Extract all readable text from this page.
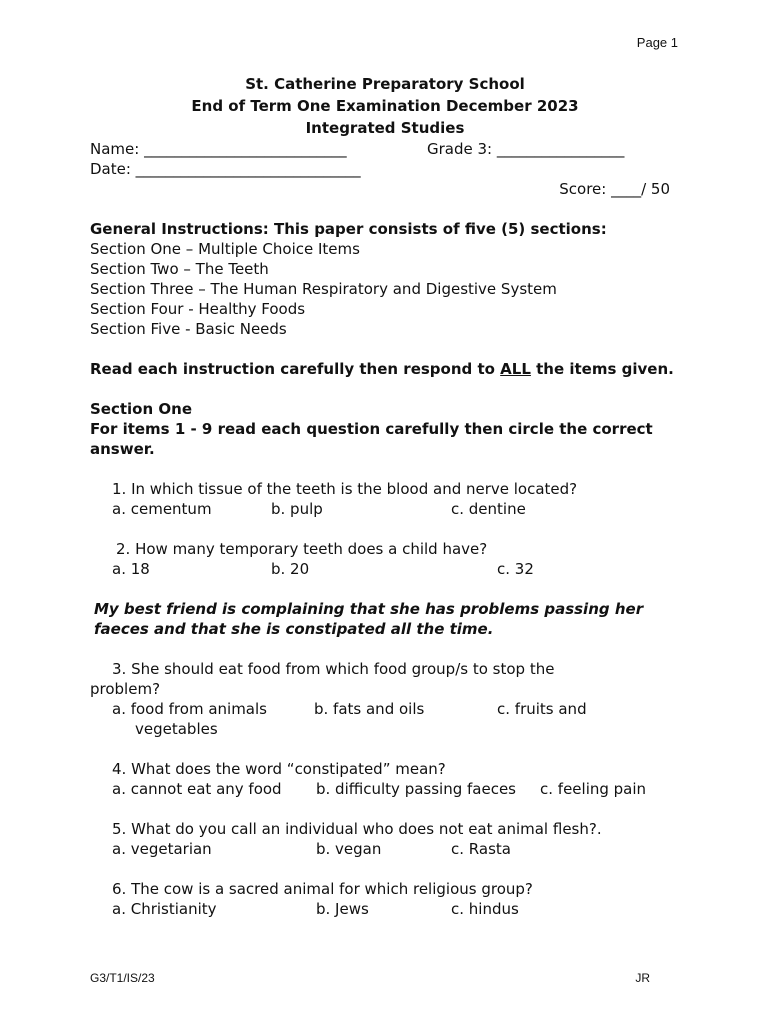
Page 1
St. Catherine Preparatory School
End of Term One Examination December 2023
Integrated Studies
Name: ___________________________	Grade 3: _________________
Date: ______________________________
Score: ____/ 50
General Instructions: This paper consists of five (5) sections:
Section One – Multiple Choice Items
Section Two – The Teeth
Section Three – The Human Respiratory and Digestive System
Section Four - Healthy Foods
Section Five - Basic Needs
Read each instruction carefully then respond to ALL the items given.
Section One
For items 1 - 9 read each question carefully then circle the correct answer.
1. In which tissue of the teeth is the blood and nerve located?
a. cementum	b. pulp	c. dentine
2. How many temporary teeth does a child have?
a. 18	b. 20	c. 32
My best friend is complaining that she has problems passing her faeces and that she is constipated all the time.
3. She should eat food from which food group/s to stop the
problem?
a. food from animals	b. fats and oils	c. fruits and
vegetables
4. What does the word “constipated” mean?
a. cannot eat any food b. difficulty passing faeces c. feeling pain
5. What do you call an individual who does not eat animal flesh?.
a. vegetarian	b. vegan	c. Rasta
6. The cow is a sacred animal for which religious group?
a. Christianity	b. Jews	c. hindus
G3/T1/IS/23	JR
